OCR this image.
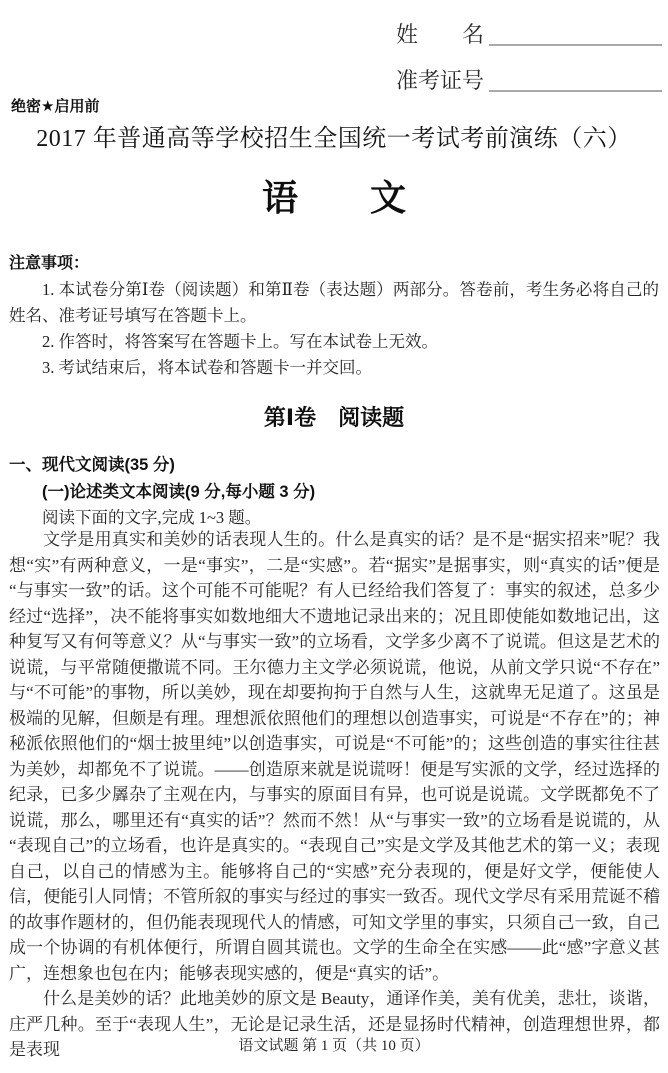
姓　　名
准考证号
绝密★启用前
2017 年普通高等学校招生全国统一考试考前演练（六）
语　　文
注意事项：

1. 本试卷分第Ⅰ卷（阅读题）和第Ⅱ卷（表达题）两部分。答卷前，考生务必将自己的姓名、准考证号填写在答题卡上。

2. 作答时，将答案写在答题卡上。写在本试卷上无效。

3. 考试结束后，将本试卷和答题卡一并交回。

第Ⅰ卷　阅读题
一、现代文阅读(35 分)
(一)论述类文本阅读(9 分,每小题 3 分)
阅读下面的文字,完成 1~3 题。

文学是用真实和美妙的话表现人生的。什么是真实的话？是不是“据实招来”呢？我想“实”有两种意义，一是“事实”，二是“实感”。若“据实”是据事实，则“真实的话”便是“与事实一致”的话。这个可能不可能呢？有人已经给我们答复了：事实的叙述，总多少经过“选择”，决不能将事实如数地细大不遗地记录出来的；况且即使能如数地记出，这种复写又有何等意义？从“与事实一致”的立场看，文学多少离不了说谎。但这是艺术的说谎，与平常随便撒谎不同。王尔德力主文学必须说谎，他说，从前文学只说“不存在”与“不可能”的事物，所以美妙，现在却要拘拘于自然与人生，这就卑无足道了。这虽是极端的见解，但颇是有理。理想派依照他们的理想以创造事实，可说是“不存在”的；神秘派依照他们的“烟士披里纯”以创造事实，可说是“不可能”的；这些创造的事实往往甚为美妙，却都免不了说谎。——创造原来就是说谎呀！便是写实派的文学，经过选择的纪录，已多少羼杂了主观在内，与事实的原面目有异，也可说是说谎。文学既都免不了说谎，那么，哪里还有“真实的话”？然而不然！从“与事实一致”的立场看是说谎的，从“表现自己”的立场看，也许是真实的。“表现自己”实是文学及其他艺术的第一义；表现自己，以自己的情感为主。能够将自己的“实感”充分表现的，便是好文学，便能使人信，便能引人同情；不管所叙的事实与经过的事实一致否。现代文学尽有采用荒诞不稽的故事作题材的，但仍能表现现代人的情感，可知文学里的事实，只须自己一致，自己成一个协调的有机体便行，所谓自圆其谎也。文学的生命全在实感——此“感”字意义甚广，连想象也包在内；能够表现实感的，便是“真实的话”。

什么是美妙的话？此地美妙的原文是 Beauty，通译作美，美有优美，悲壮，谈谐，庄严几种。至于“表现人生”，无论是记录生活，还是显扬时代精神，创造理想世界，都是表现	语文试题 第 1 页（共 10 页）
